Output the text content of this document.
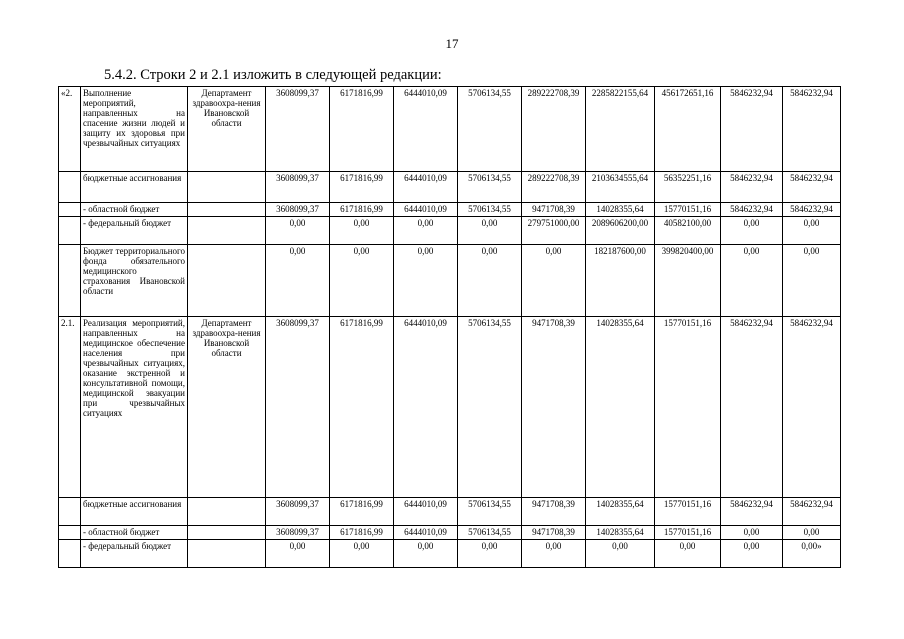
17
5.4.2. Строки 2 и 2.1 изложить в следующей редакции:
«2.	Выполнение мероприятий, направленных на спасение жизни людей и защиту их здоровья при чрезвычайных ситуациях	Департамент здравоохра-нения Ивановской области	3608099,37	6171816,99	6444010,09	5706134,55	289222708,39	2285822155,64	456172651,16	5846232,94	5846232,94
	бюджетные ассигнования		3608099,37	6171816,99	6444010,09	5706134,55	289222708,39	2103634555,64	56352251,16	5846232,94	5846232,94
	- областной бюджет		3608099,37	6171816,99	6444010,09	5706134,55	9471708,39	14028355,64	15770151,16	5846232,94	5846232,94
	- федеральный бюджет		0,00	0,00	0,00	0,00	279751000,00	2089606200,00	40582100,00	0,00	0,00
	Бюджет территориального фонда обязательного медицинского страхования Ивановской области		0,00	0,00	0,00	0,00	0,00	182187600,00	399820400,00	0,00	0,00
2.1.	Реализация мероприятий, направленных на медицинское обеспечение населения при чрезвычайных ситуациях, оказание экстренной и консультативной помощи, медицинской эвакуации при чрезвычайных ситуациях	Департамент здравоохра-нения Ивановской области	3608099,37	6171816,99	6444010,09	5706134,55	9471708,39	14028355,64	15770151,16	5846232,94	5846232,94
	бюджетные ассигнования		3608099,37	6171816,99	6444010,09	5706134,55	9471708,39	14028355,64	15770151,16	5846232,94	5846232,94
	- областной бюджет		3608099,37	6171816,99	6444010,09	5706134,55	9471708,39	14028355,64	15770151,16	0,00	0,00
	- федеральный бюджет		0,00	0,00	0,00	0,00	0,00	0,00	0,00	0,00	0,00»
